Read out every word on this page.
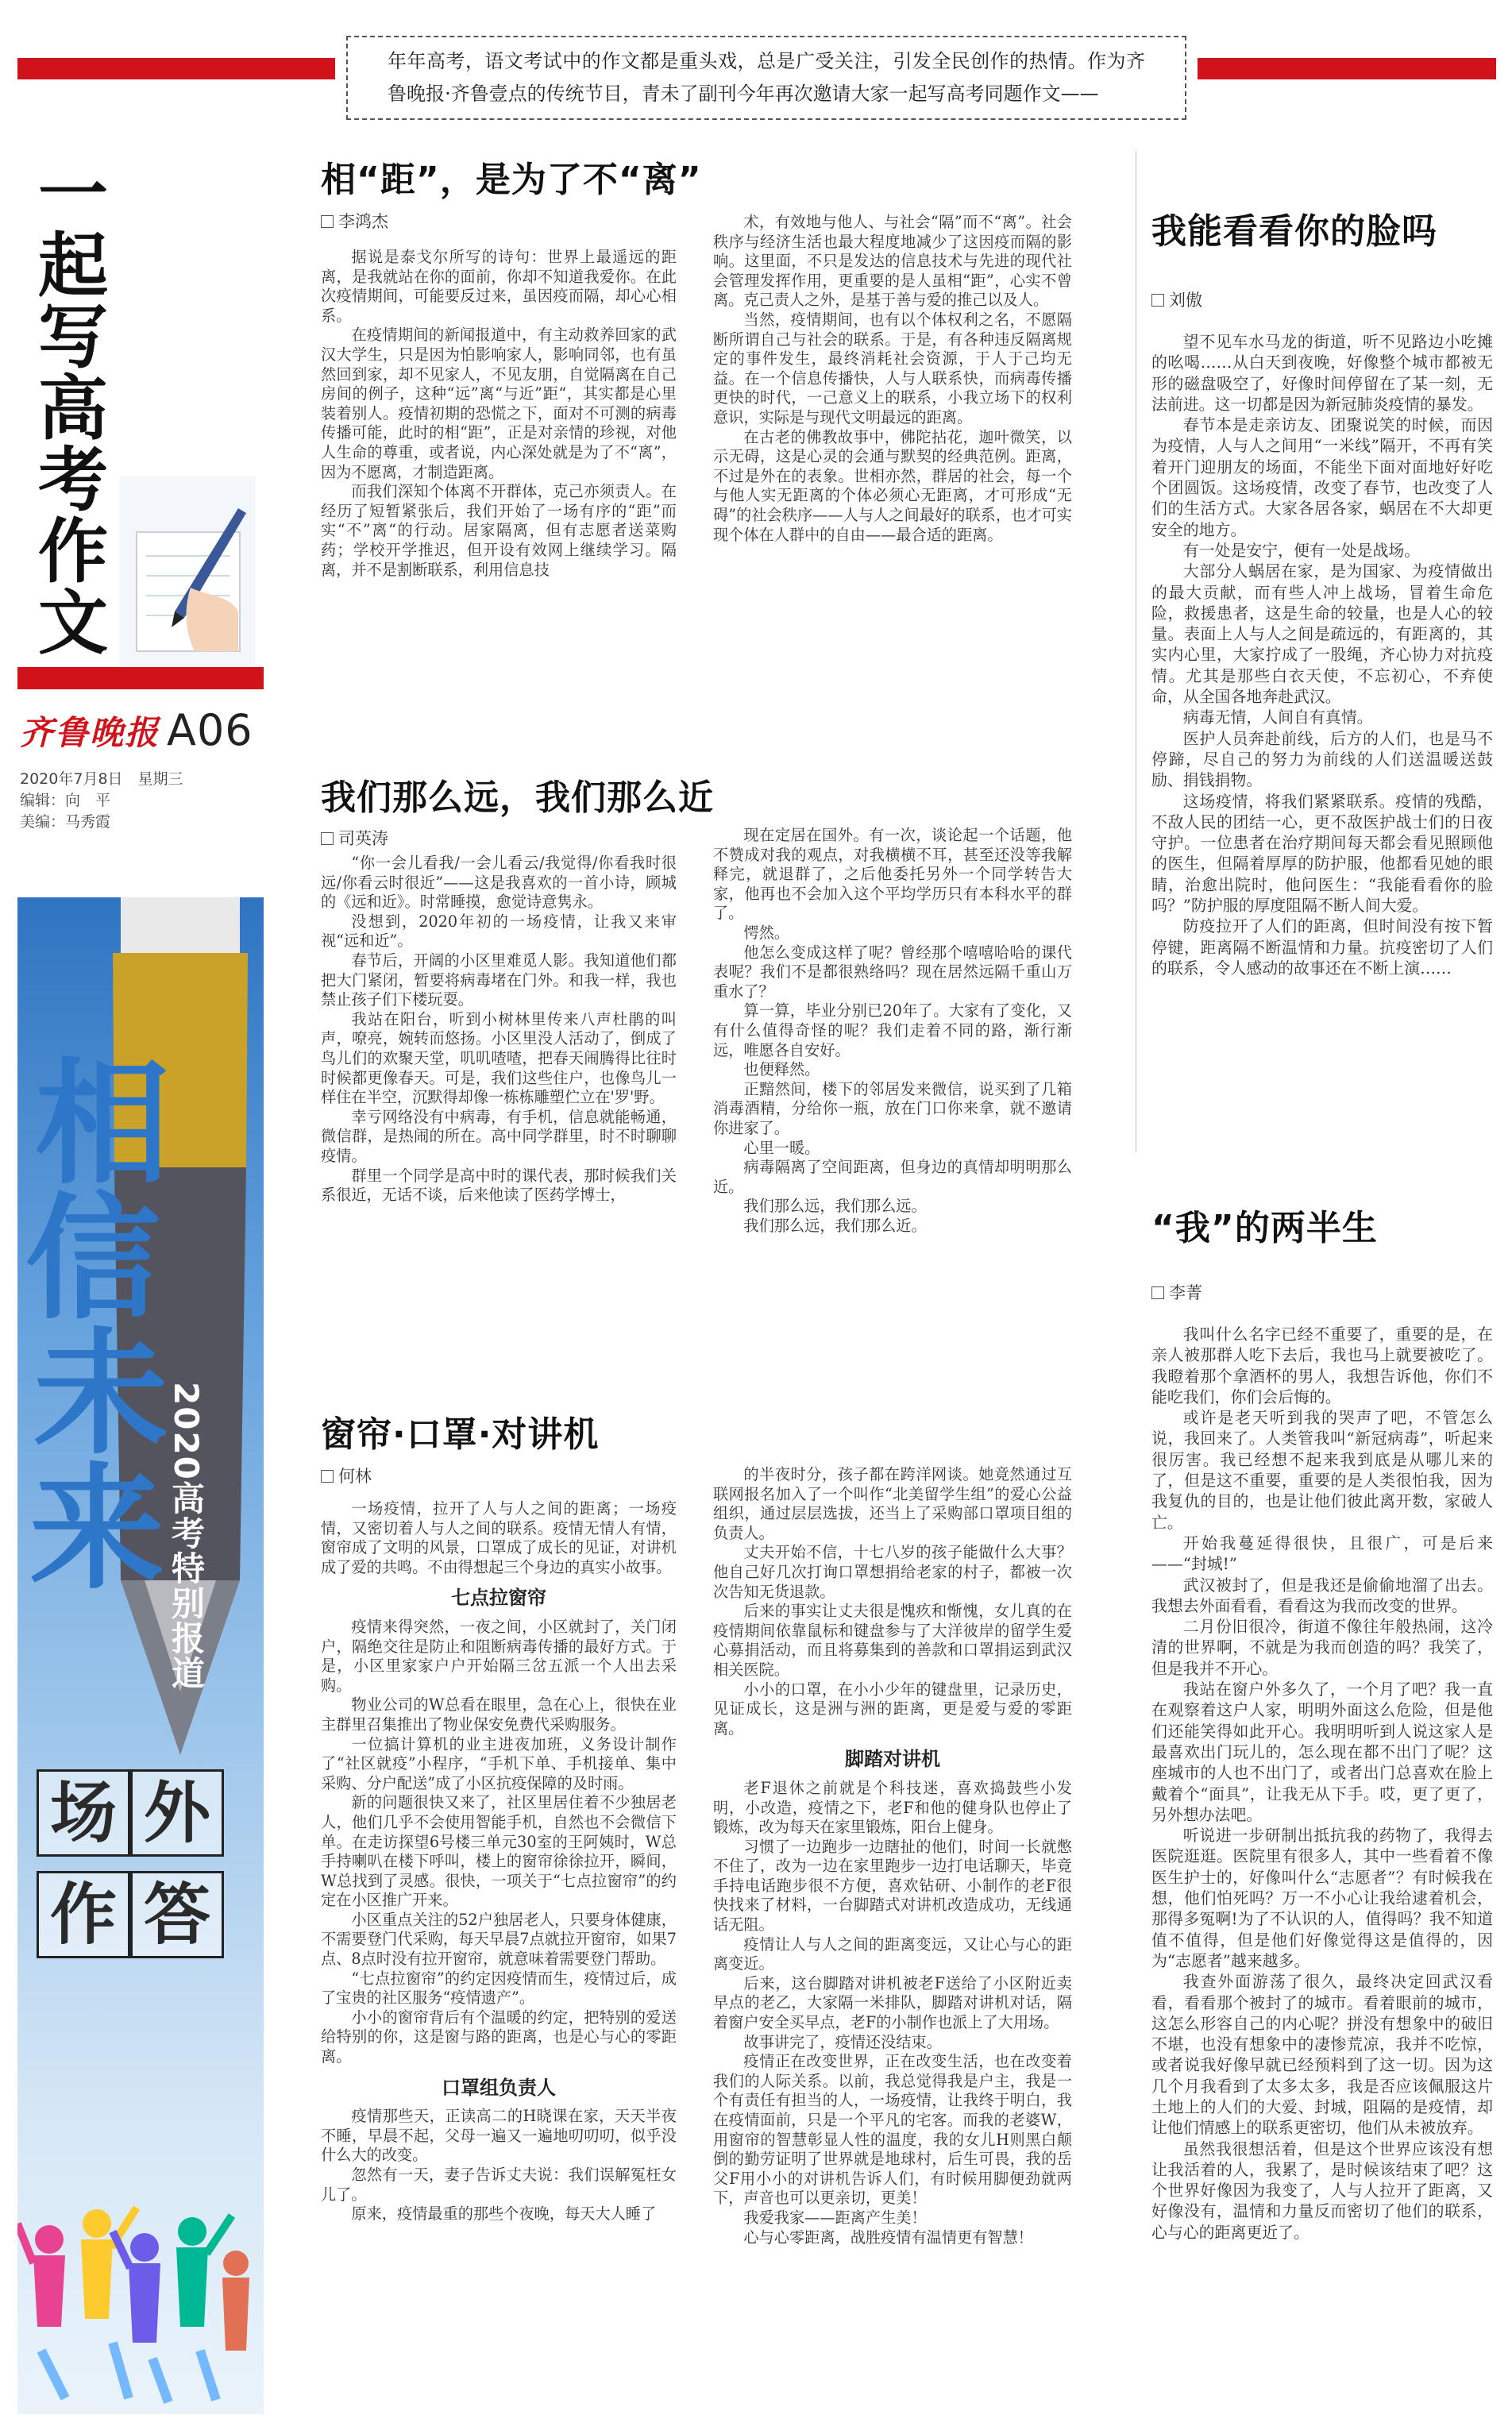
年年高考，语文考试中的作文都是重头戏，总是广受关注，引发全民创作的热情。作为齐鲁晚报·齐鲁壹点的传统节目，青未了副刊今年再次邀请大家一起写高考同题作文——
一
起
写
高
考
作
文
齐鲁晚报 A06
2020年7月8日　星期三
编辑：向　平
美编：马秀霞
相
信
未
来 2020高考特别报道
场 外
作 答
相“距”，是为了不“离”
李鸿杰

据说是泰戈尔所写的诗句：世界上最遥远的距离，是我就站在你的面前，你却不知道我爱你。在此次疫情期间，可能要反过来，虽因疫而隔，却心心相系。

在疫情期间的新闻报道中，有主动救养回家的武汉大学生，只是因为怕影响家人，影响同邻，也有虽然回到家，却不见家人，不见友朋，自觉隔离在自己房间的例子，这种“远”离“与近”距“，其实都是心里装着别人。疫情初期的恐慌之下，面对不可测的病毒传播可能，此时的相“距”，正是对亲情的珍视，对他人生命的尊重，或者说，内心深处就是为了不“离”，因为不愿离，才制造距离。

而我们深知个体离不开群体，克己亦须责人。在经历了短暂紧张后，我们开始了一场有序的“距”而实“不”离“的行动。居家隔离，但有志愿者送菜购药；学校开学推迟，但开设有效网上继续学习。隔离，并不是割断联系，利用信息技

术，有效地与他人、与社会“隔”而不“离”。社会秩序与经济生活也最大程度地减少了这因疫而隔的影响。这里面，不只是发达的信息技术与先进的现代社会管理发挥作用，更重要的是人虽相“距”，心实不曾离。克己责人之外，是基于善与爱的推己以及人。

当然，疫情期间，也有以个体权利之名，不愿隔断所谓自己与社会的联系。于是，有各种违反隔离规定的事件发生，最终消耗社会资源，于人于己均无益。在一个信息传播快，人与人联系快，而病毒传播更快的时代，一己意义上的联系，小我立场下的权利意识，实际是与现代文明最远的距离。

在古老的佛教故事中，佛陀拈花，迦叶微笑，以示无碍，这是心灵的会通与默契的经典范例。距离，不过是外在的表象。世相亦然，群居的社会，每一个与他人实无距离的个体必须心无距离，才可形成“无碍”的社会秩序——人与人之间最好的联系，也才可实现个体在人群中的自由——最合适的距离。

我们那么远，我们那么近
司英涛

“你一会儿看我/一会儿看云/我觉得/你看我时很远/你看云时很近”——这是我喜欢的一首小诗，顾城的《远和近》。时常睡摸，愈觉诗意隽永。

没想到，2020年初的一场疫情，让我又来审视“远和近”。

春节后，开阔的小区里难觅人影。我知道他们都把大门紧闭，暂要将病毒堵在门外。和我一样，我也禁止孩子们下楼玩耍。

我站在阳台，听到小树林里传来八声杜鹃的叫声，嘹亮，婉转而悠扬。小区里没人活动了，倒成了鸟儿们的欢聚天堂，叽叽喳喳，把春天闹腾得比往时时候都更像春天。可是，我们这些住户，也像鸟儿一样住在半空，沉默得却像一栋栋雕塑伫立在'罗'野。

幸亏网络没有中病毒，有手机，信息就能畅通，微信群，是热闹的所在。高中同学群里，时不时聊聊疫情。

群里一个同学是高中时的课代表，那时候我们关系很近，无话不谈，后来他读了医药学博士，

现在定居在国外。有一次，谈论起一个话题，他不赞成对我的观点，对我横横不耳，甚至还没等我解释完，就退群了，之后他委托另外一个同学转告大家，他再也不会加入这个平均学历只有本科水平的群了。

愕然。

他怎么变成这样了呢？曾经那个嘻嘻哈哈的课代表呢？我们不是都很熟络吗？现在居然远隔千重山万重水了？

算一算，毕业分别已20年了。大家有了变化，又有什么值得奇怪的呢？我们走着不同的路，渐行渐远，唯愿各自安好。

也便释然。

正黯然间，楼下的邻居发来微信，说买到了几箱消毒酒精，分给你一瓶，放在门口你来拿，就不邀请你进家了。

心里一暖。

病毒隔离了空间距离，但身边的真情却明明那么近。

我们那么远，我们那么远。

我们那么远，我们那么近。

窗帘·口罩·对讲机
何林

一场疫情，拉开了人与人之间的距离；一场疫情，又密切着人与人之间的联系。疫情无情人有情，窗帘成了文明的风景，口罩成了成长的见证，对讲机成了爱的共鸣。不由得想起三个身边的真实小故事。

七点拉窗帘

疫情来得突然，一夜之间，小区就封了，关门闭户，隔绝交往是防止和阻断病毒传播的最好方式。于是，小区里家家户户开始隔三岔五派一个人出去采购。

物业公司的W总看在眼里，急在心上，很快在业主群里召集推出了物业保安免费代采购服务。

一位搞计算机的业主进夜加班，义务设计制作了“社区就疫”小程序，“手机下单、手机接单、集中采购、分户配送”成了小区抗疫保障的及时雨。

新的问题很快又来了，社区里居住着不少独居老人，他们几乎不会使用智能手机，自然也不会微信下单。在走访探望6号楼三单元30室的王阿姨时，W总手持喇叭在楼下呼叫，楼上的窗帘徐徐拉开，瞬间，W总找到了灵感。很快，一项关于“七点拉窗帘”的约定在小区推广开来。

小区重点关注的52户独居老人，只要身体健康，不需要登门代采购，每天早晨7点就拉开窗帘，如果7点、8点时没有拉开窗帘，就意味着需要登门帮助。

“七点拉窗帘”的约定因疫情而生，疫情过后，成了宝贵的社区服务“疫情遗产”。

小小的窗帘背后有个温暖的约定，把特别的爱送给特别的你，这是窗与路的距离，也是心与心的零距离。

口罩组负责人

疫情那些天，正读高二的H晓课在家，天天半夜不睡，早晨不起，父母一遍又一遍地叨叨叨，似乎没什么大的改变。

忽然有一天，妻子告诉丈夫说：我们误解冤枉女儿了。

原来，疫情最重的那些个夜晚，每天大人睡了

的半夜时分，孩子都在跨洋网谈。她竟然通过互联网报名加入了一个叫作“北美留学生组”的爱心公益组织，通过层层选拔，还当上了采购部口罩项目组的负责人。

丈夫开始不信，十七八岁的孩子能做什么大事？他自己好几次打询口罩想捐给老家的村子，都被一次次告知无货退款。

后来的事实让丈夫很是愧疚和惭愧，女儿真的在疫情期间依靠鼠标和键盘参与了大洋彼岸的留学生爱心募捐活动，而且将募集到的善款和口罩捐运到武汉相关医院。

小小的口罩，在小小少年的键盘里，记录历史，见证成长，这是洲与洲的距离，更是爱与爱的零距离。

脚踏对讲机

老F退休之前就是个科技迷，喜欢捣鼓些小发明，小改造，疫情之下，老F和他的健身队也停止了锻炼，改为每天在家里锻炼，阳台上健身。

习惯了一边跑步一边瞎扯的他们，时间一长就憋不住了，改为一边在家里跑步一边打电话聊天，毕竟手持电话跑步很不方便，喜欢钻研、小制作的老F很快找来了材料，一台脚踏式对讲机改造成功，无线通话无阻。

疫情让人与人之间的距离变远，又让心与心的距离变近。

后来，这台脚踏对讲机被老F送给了小区附近卖早点的老乙，大家隔一米排队，脚踏对讲机对话，隔着窗户安全买早点，老F的小制作也派上了大用场。

故事讲完了，疫情还没结束。

疫情正在改变世界，正在改变生活，也在改变着我们的人际关系。以前，我总觉得我是户主，我是一个有责任有担当的人，一场疫情，让我终于明白，我在疫情面前，只是一个平凡的宅客。而我的老婆W，用窗帘的智慧彰显人性的温度，我的女儿H则黑白颠倒的勤劳证明了世界就是地球村，后生可畏，我的岳父F用小小的对讲机告诉人们，有时候用脚便劲就两下，声音也可以更亲切，更美！

我爱我家——距离产生美！

心与心零距离，战胜疫情有温情更有智慧！

我能看看你的脸吗
刘傲

望不见车水马龙的街道，听不见路边小吃摊的吆喝……从白天到夜晚，好像整个城市都被无形的磁盘吸空了，好像时间停留在了某一刻，无法前进。这一切都是因为新冠肺炎疫情的暴发。

春节本是走亲访友、团聚说笑的时候，而因为疫情，人与人之间用“一米线”隔开，不再有笑着开门迎朋友的场面，不能坐下面对面地好好吃个团圆饭。这场疫情，改变了春节，也改变了人们的生活方式。大家各居各家，蜗居在不大却更安全的地方。

有一处是安宁，便有一处是战场。

大部分人蜗居在家，是为国家、为疫情做出的最大贡献，而有些人冲上战场，冒着生命危险，救援患者，这是生命的较量，也是人心的较量。表面上人与人之间是疏远的，有距离的，其实内心里，大家拧成了一股绳，齐心协力对抗疫情。尤其是那些白衣天使，不忘初心，不弃使命，从全国各地奔赴武汉。

病毒无情，人间自有真情。

医护人员奔赴前线，后方的人们，也是马不停蹄，尽自己的努力为前线的人们送温暖送鼓励、捐钱捐物。

这场疫情，将我们紧紧联系。疫情的残酷，不敌人民的团结一心，更不敌医护战士们的日夜守护。一位患者在治疗期间每天都会看见照顾他的医生，但隔着厚厚的防护服，他都看见她的眼睛，治愈出院时，他问医生：“我能看看你的脸吗？”防护服的厚度阻隔不断人间大爱。

防疫拉开了人们的距离，但时间没有按下暂停键，距离隔不断温情和力量。抗疫密切了人们的联系，令人感动的故事还在不断上演……

“我”的两半生
李菁

我叫什么名字已经不重要了，重要的是，在亲人被那群人吃下去后，我也马上就要被吃了。我瞪着那个拿酒杯的男人，我想告诉他，你们不能吃我们，你们会后悔的。

或许是老天听到我的哭声了吧，不管怎么说，我回来了。人类管我叫“新冠病毒”，听起来很厉害。我已经想不起来我到底是从哪儿来的了，但是这不重要，重要的是人类很怕我，因为我复仇的目的，也是让他们彼此离开数，家破人亡。

开始我蔓延得很快，且很广，可是后来——“封城!”

武汉被封了，但是我还是偷偷地溜了出去。我想去外面看看，看看这为我而改变的世界。

二月份旧很冷，街道不像往年般热闹，这冷清的世界啊，不就是为我而创造的吗？我笑了，但是我并不开心。

我站在窗户外多久了，一个月了吧？我一直在观察着这户人家，明明外面这么危险，但是他们还能笑得如此开心。我明明听到人说这家人是最喜欢出门玩儿的，怎么现在都不出门了呢？这座城市的人也不出门了，或者出门总喜欢在脸上戴着个“面具”，让我无从下手。哎，更了更了，另外想办法吧。

听说进一步研制出抵抗我的药物了，我得去医院逛逛。医院里有很多人，其中一些看着不像医生护士的，好像叫什么“志愿者”？有时候我在想，他们怕死吗？万一不小心让我给逮着机会，那得多冤啊!为了不认识的人，值得吗？我不知道值不值得，但是他们好像觉得这是值得的，因为“志愿者”越来越多。

我查外面游荡了很久，最终决定回武汉看看，看看那个被封了的城市。看着眼前的城市，这怎么形容自己的内心呢？拼没有想象中的破旧不堪，也没有想象中的凄惨荒凉，我并不吃惊，或者说我好像早就已经预料到了这一切。因为这几个月我看到了太多太多，我是否应该佩服这片土地上的人们的大爱、封城，阻隔的是疫情，却让他们情感上的联系更密切，他们从未被放弃。

虽然我很想活着，但是这个世界应该没有想让我活着的人，我累了，是时候该结束了吧？这个世界好像因为我变了，人与人拉开了距离，又好像没有，温情和力量反而密切了他们的联系，心与心的距离更近了。
